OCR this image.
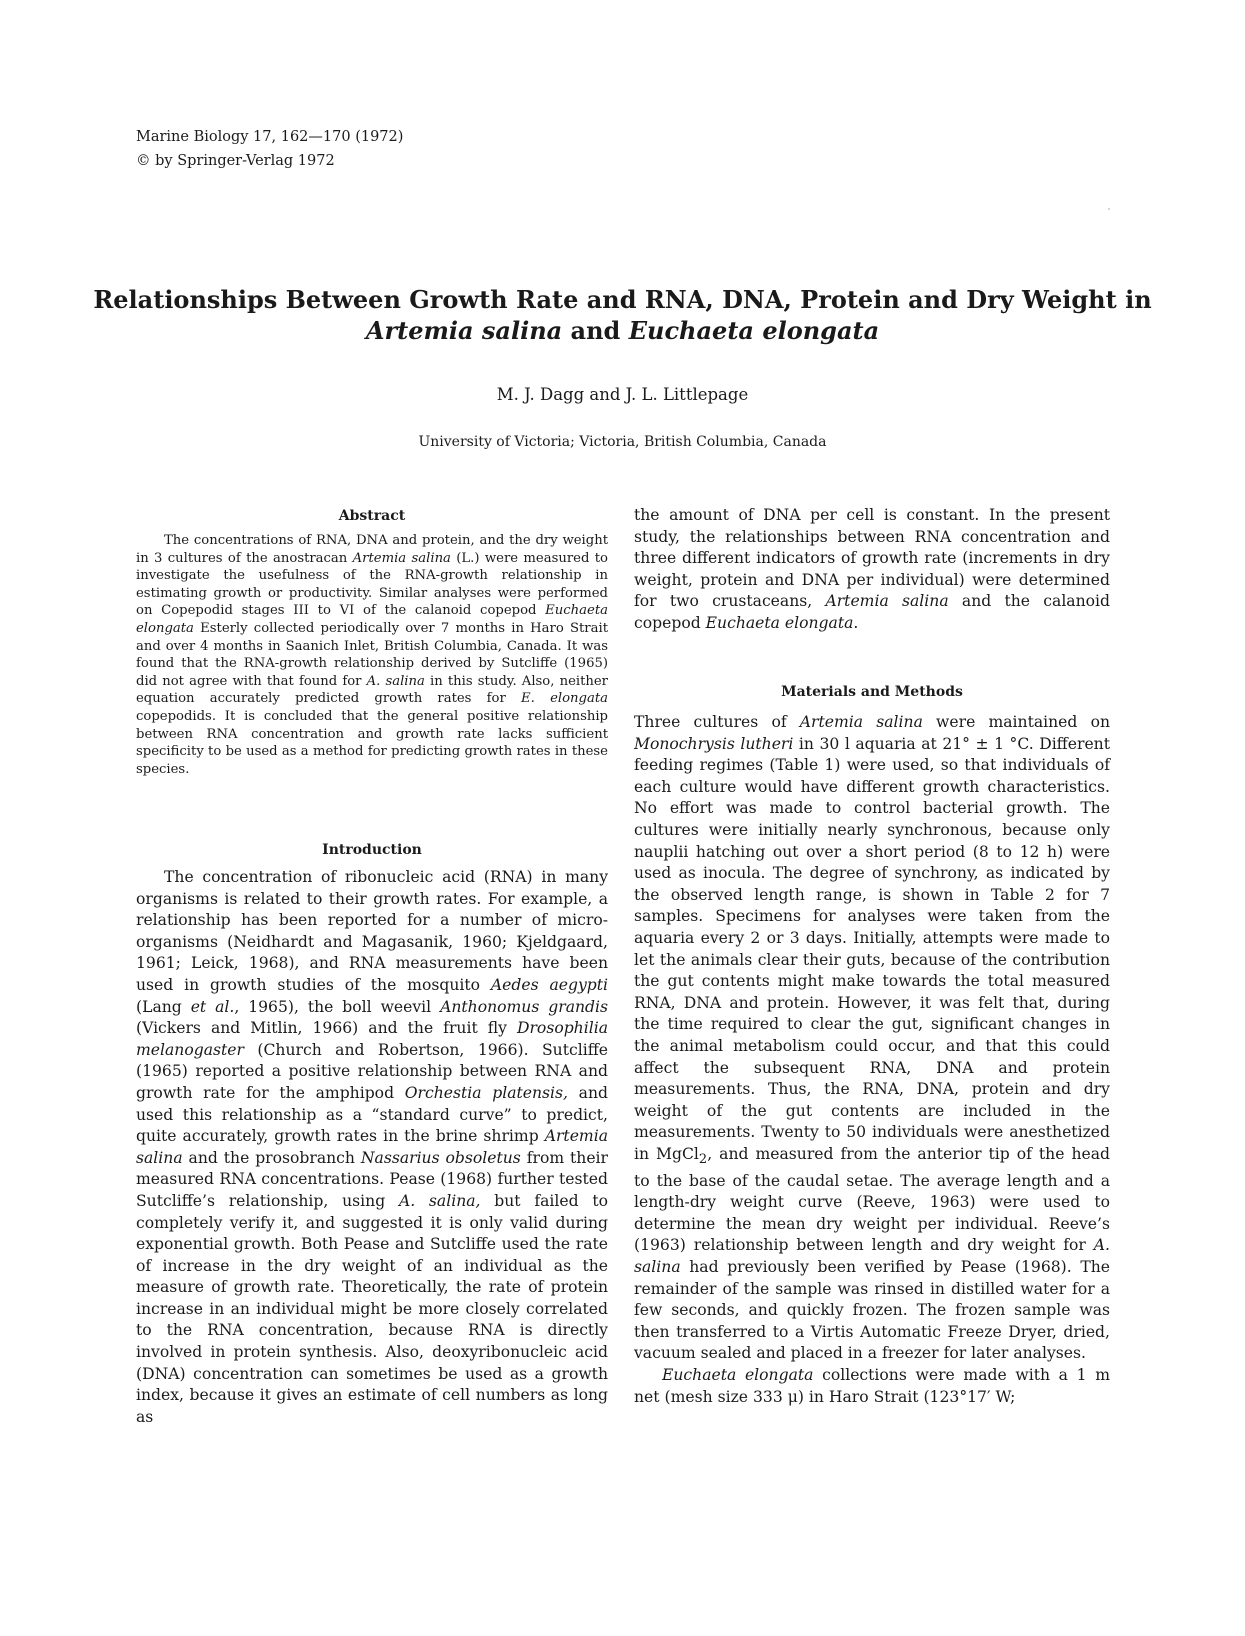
Marine Biology 17, 162—170 (1972)
© by Springer-Verlag 1972
Relationships Between Growth Rate and RNA, DNA, Protein and Dry Weight in
Artemia salina and Euchaeta elongata
M. J. Dagg and J. L. Littlepage
University of Victoria; Victoria, British Columbia, Canada
Abstract

The concentrations of RNA, DNA and protein, and the dry weight in 3 cultures of the anostracan Artemia salina (L.) were measured to investigate the usefulness of the RNA-growth relationship in estimating growth or productivity. Similar analyses were performed on Copepodid stages III to VI of the calanoid copepod Euchaeta elongata Esterly collected periodically over 7 months in Haro Strait and over 4 months in Saanich Inlet, British Columbia, Canada. It was found that the RNA-growth relationship derived by Sutcliffe (1965) did not agree with that found for A. salina in this study. Also, neither equation accurately predicted growth rates for E. elongata copepodids. It is concluded that the general positive relationship between RNA concentration and growth rate lacks sufficient specificity to be used as a method for predicting growth rates in these species.

Introduction

The concentration of ribonucleic acid (RNA) in many organisms is related to their growth rates. For example, a relationship has been reported for a number of micro-organisms (Neidhardt and Magasanik, 1960; Kjeldgaard, 1961; Leick, 1968), and RNA measurements have been used in growth studies of the mosquito Aedes aegypti (Lang et al., 1965), the boll weevil Anthonomus grandis (Vickers and Mitlin, 1966) and the fruit fly Drosophilia melanogaster (Church and Robertson, 1966). Sutcliffe (1965) reported a positive relationship between RNA and growth rate for the amphipod Orchestia platensis, and used this relationship as a “standard curve” to predict, quite accurately, growth rates in the brine shrimp Artemia salina and the prosobranch Nassarius obsoletus from their measured RNA concentrations. Pease (1968) further tested Sutcliffe’s relationship, using A. salina, but failed to completely verify it, and suggested it is only valid during exponential growth. Both Pease and Sutcliffe used the rate of increase in the dry weight of an individual as the measure of growth rate. Theoretically, the rate of protein increase in an individual might be more closely correlated to the RNA concentration, because RNA is directly involved in protein synthesis. Also, deoxyribonucleic acid (DNA) concentration can sometimes be used as a growth index, because it gives an estimate of cell numbers as long as

the amount of DNA per cell is constant. In the present study, the relationships between RNA concentration and three different indicators of growth rate (increments in dry weight, protein and DNA per individual) were determined for two crustaceans, Artemia salina and the calanoid copepod Euchaeta elongata.

Materials and Methods

Three cultures of Artemia salina were maintained on Monochrysis lutheri in 30 l aquaria at 21° ± 1 °C. Different feeding regimes (Table 1) were used, so that individuals of each culture would have different growth characteristics. No effort was made to control bacterial growth. The cultures were initially nearly synchronous, because only nauplii hatching out over a short period (8 to 12 h) were used as inocula. The degree of synchrony, as indicated by the observed length range, is shown in Table 2 for 7 samples. Specimens for analyses were taken from the aquaria every 2 or 3 days. Initially, attempts were made to let the animals clear their guts, because of the contribution the gut contents might make towards the total measured RNA, DNA and protein. However, it was felt that, during the time required to clear the gut, significant changes in the animal metabolism could occur, and that this could affect the subsequent RNA, DNA and protein measurements. Thus, the RNA, DNA, protein and dry weight of the gut contents are included in the measurements. Twenty to 50 individuals were anesthetized in MgCl$_2$, and measured from the anterior tip of the head to the base of the caudal setae. The average length and a length-dry weight curve (Reeve, 1963) were used to determine the mean dry weight per individual. Reeve’s (1963) relationship between length and dry weight for A. salina had previously been verified by Pease (1968). The remainder of the sample was rinsed in distilled water for a few seconds, and quickly frozen. The frozen sample was then transferred to a Virtis Automatic Freeze Dryer, dried, vacuum sealed and placed in a freezer for later analyses.

Euchaeta elongata collections were made with a 1 m net (mesh size 333 μ) in Haro Strait (123°17′ W;
